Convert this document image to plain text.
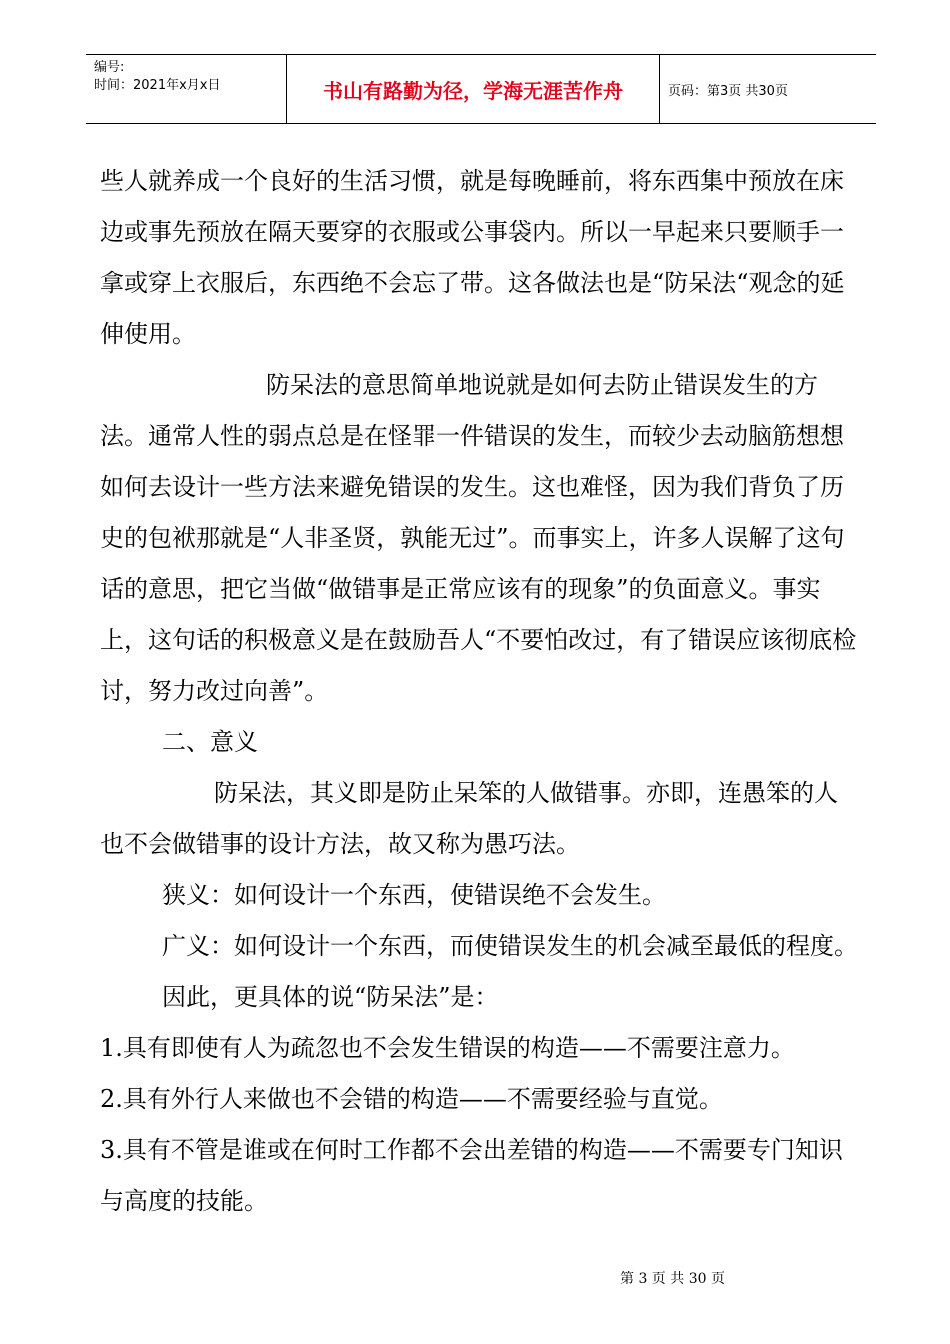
编号:
时间：2021年x月x日	书山有路勤为径，学海无涯苦作舟	页码：第3页 共30页

些人就养成一个良好的生活习惯，就是每晚睡前，将东西集中预放在床边或事先预放在隔天要穿的衣服或公事袋内。所以一早起来只要顺手一拿或穿上衣服后，东西绝不会忘了带。这各做法也是“防呆法“观念的延伸使用。

防呆法的意思简单地说就是如何去防止错误发生的方法。通常人性的弱点总是在怪罪一件错误的发生，而较少去动脑筋想想如何去设计一些方法来避免错误的发生。这也难怪，因为我们背负了历史的包袱那就是“人非圣贤，孰能无过”。而事实上，许多人误解了这句话的意思，把它当做“做错事是正常应该有的现象”的负面意义。事实上，这句话的积极意义是在鼓励吾人“不要怕改过，有了错误应该彻底检讨，努力改过向善”。

二、意义

防呆法，其义即是防止呆笨的人做错事。亦即，连愚笨的人也不会做错事的设计方法，故又称为愚巧法。

狭义：如何设计一个东西，使错误绝不会发生。

广义：如何设计一个东西，而使错误发生的机会减至最低的程度。

因此，更具体的说“防呆法”是：

1.具有即使有人为疏忽也不会发生错误的构造——不需要注意力。

2.具有外行人来做也不会错的构造——不需要经验与直觉。

3.具有不管是谁或在何时工作都不会出差错的构造——不需要专门知识与高度的技能。

第 3 页 共 30 页
